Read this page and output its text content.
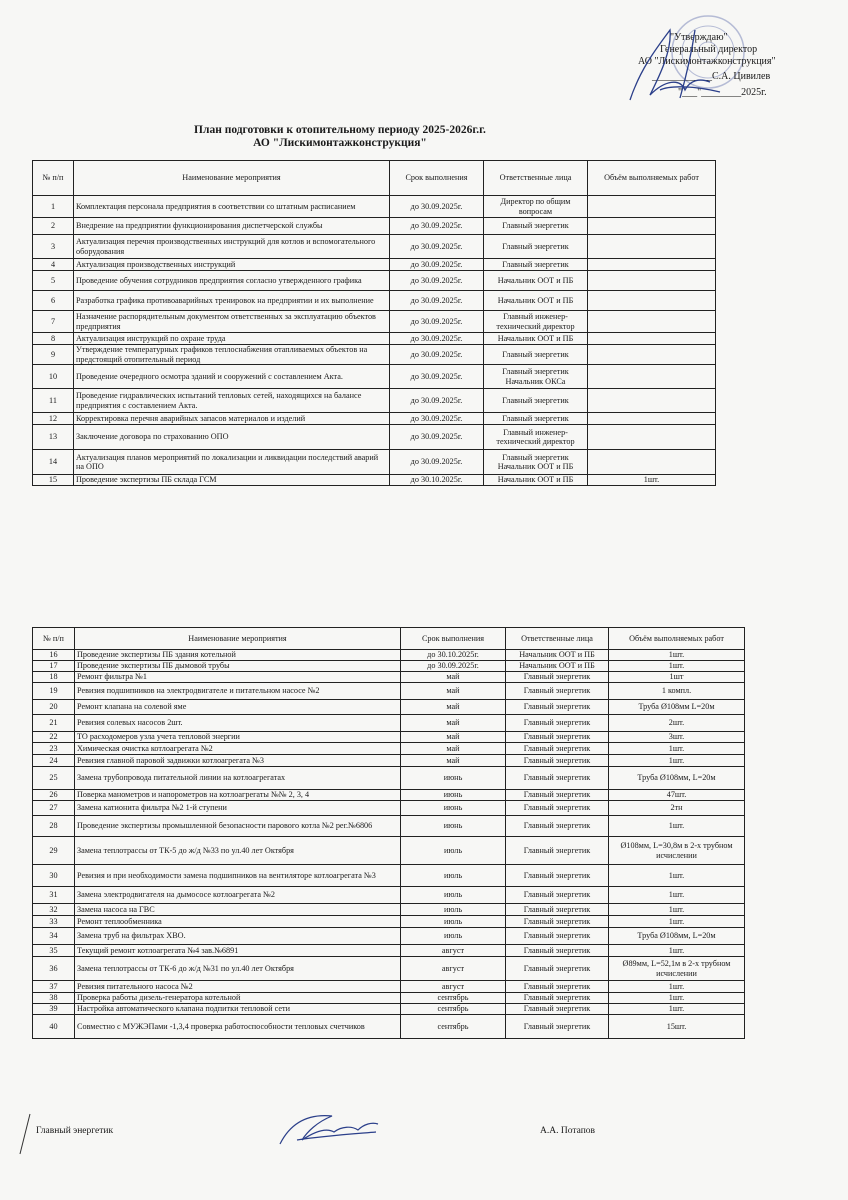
"Утверждаю"
Генеральный директор
АО "Лискимонтажконструкция"
____________С.А. Цивилев
"___"________2025г.
План подготовки к отопительному периоду 2025-2026г.г.
АО "Лискимонтажконструкция"
№ п/п	Наименование мероприятия	Срок выполнения	Ответственные лица	Объём выполняемых работ
1	Комплектация персонала предприятия в соответствии со штатным расписанием	до 30.09.2025г.	Директор по общим вопросам	
2	Внедрение на предприятии функционирования диспетчерской службы	до 30.09.2025г.	Главный энергетик	
3	Актуализация перечня производственных инструкций для котлов и вспомогательного оборудования	до 30.09.2025г.	Главный энергетик	
4	Актуализация производственных инструкций	до 30.09.2025г.	Главный энергетик	
5	Проведение обучения сотрудников предприятия согласно утвержденного графика	до 30.09.2025г.	Начальник ООТ и ПБ	
6	Разработка графика противоаварийных тренировок на предприятии и их выполнение	до 30.09.2025г.	Начальник ООТ и ПБ	
7	Назначение распорядительным документом ответственных за эксплуатацию объектов предприятия	до 30.09.2025г.	Главный инженер-технический директор	
8	Актуализация инструкций по охране труда	до 30.09.2025г.	Начальник ООТ и ПБ	
9	Утверждение температурных графиков теплоснабжения отапливаемых объектов на предстоящий отопительный период	до 30.09.2025г.	Главный энергетик	
10	Проведение очередного осмотра зданий и сооружений с составлением Акта.	до 30.09.2025г.	Главный энергетик Начальник ОКСа	
11	Проведение гидравлических испытаний тепловых сетей, находящихся на балансе предприятия с составлением Акта.	до 30.09.2025г.	Главный энергетик	
12	Корректировка перечня аварийных запасов материалов и изделий	до 30.09.2025г.	Главный энергетик	
13	Заключение договора по страхованию ОПО	до 30.09.2025г.	Главный инженер-технический директор	
14	Актуализация планов мероприятий по локализации и ликвидации последствий аварий на ОПО	до 30.09.2025г.	Главный энергетик Начальник ООТ и ПБ	
15	Проведение экспертизы ПБ склада ГСМ	до 30.10.2025г.	Начальник ООТ и ПБ	1шт.
№ п/п	Наименование мероприятия	Срок выполнения	Ответственные лица	Объём выполняемых работ
16	Проведение экспертизы ПБ здания котельной	до 30.10.2025г.	Начальник ООТ и ПБ	1шт.
17	Проведение экспертизы ПБ дымовой трубы	до 30.09.2025г.	Начальник ООТ и ПБ	1шт.
18	Ремонт фильтра №1	май	Главный энергетик	1шт
19	Ревизия подшипников на электродвигателе и питательном насосе №2	май	Главный энергетик	1 компл.
20	Ремонт клапана на солевой яме	май	Главный энергетик	Труба Ø108мм L=20м
21	Ревизия солевых насосов 2шт.	май	Главный энергетик	2шт.
22	ТО расходомеров узла учета тепловой энергии	май	Главный энергетик	3шт.
23	Химическая очистка котлоагрегата №2	май	Главный энергетик	1шт.
24	Ревизия главной паровой задвижки котлоагрегата №3	май	Главный энергетик	1шт.
25	Замена трубопровода питательной линии на котлоагрегатах	июнь	Главный энергетик	Труба Ø108мм, L=20м
26	Поверка манометров и напорометров на котлоагрегаты №№ 2, 3, 4	июнь	Главный энергетик	47шт.
27	Замена катионита фильтра №2 1-й ступени	июнь	Главный энергетик	2тн
28	Проведение экспертизы промышленной безопасности парового котла №2 рег.№6806	июнь	Главный энергетик	1шт.
29	Замена теплотрассы от ТК-5 до ж/д №33 по ул.40 лет Октября	июль	Главный энергетик	Ø108мм, L=30,8м в 2-х трубном исчислении
30	Ревизия и при необходимости замена подшипников на вентиляторе котлоагрегата №3	июль	Главный энергетик	1шт.
31	Замена электродвигателя на дымососе котлоагрегата №2	июль	Главный энергетик	1шт.
32	Замена насоса на ГВС	июль	Главный энергетик	1шт.
33	Ремонт теплообменника	июль	Главный энергетик	1шт.
34	Замена труб на фильтрах ХВО.	июль	Главный энергетик	Труба Ø108мм, L=20м
35	Текущий ремонт котлоагрегата №4 зав.№6891	август	Главный энергетик	1шт.
36	Замена теплотрассы от ТК-6 до ж/д №31 по ул.40 лет Октября	август	Главный энергетик	Ø89мм, L=52,1м в 2-х трубном исчислении
37	Ревизия питательного насоса №2	август	Главный энергетик	1шт.
38	Проверка работы дизель-генератора котельной	сентябрь	Главный энергетик	1шт.
39	Настройка автоматического клапана подпитки тепловой сети	сентябрь	Главный энергетик	1шт.
40	Совместно с МУЖЭПами -1,3,4 проверка работоспособности тепловых счетчиков	сентябрь	Главный энергетик	15шт.
Главный энергетик	А.А. Потапов
